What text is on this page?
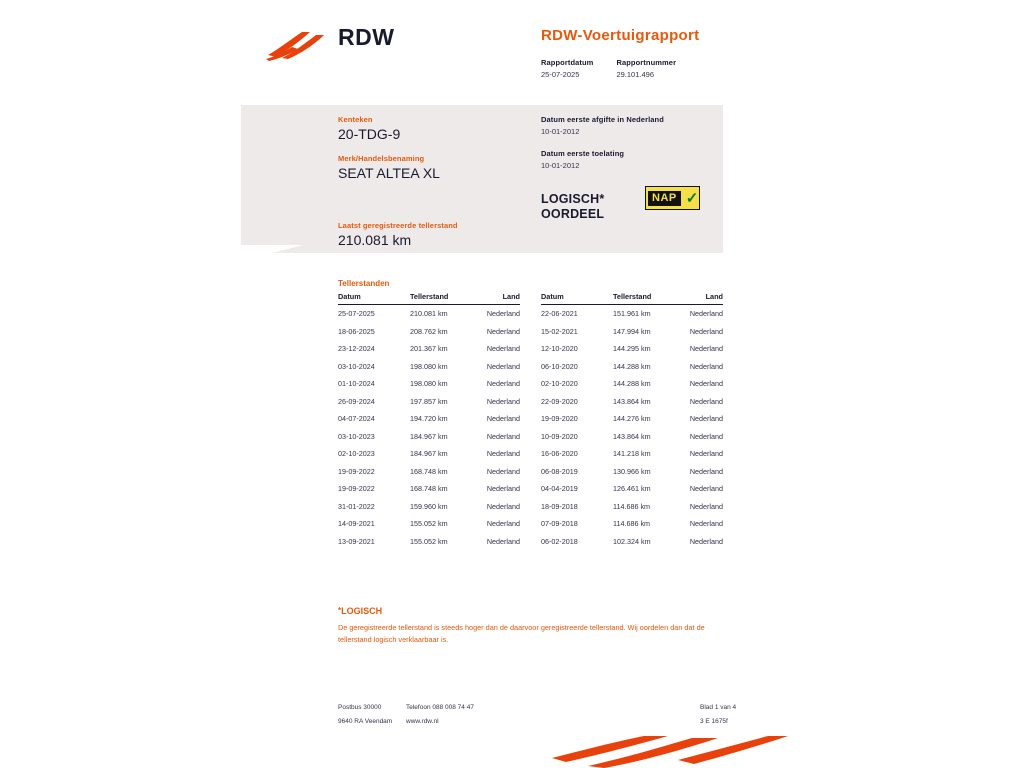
RDW	RDW-Voertuigrapport
Rapportdatum
25-07-2025
Rapportnummer
29.101.496
Kenteken
20-TDG-9
Merk/Handelsbenaming
SEAT ALTEA XL
Laatst geregistreerde tellerstand
210.081 km
Datum eerste afgifte in Nederland
10-01-2012
Datum eerste toelating
10-01-2012
LOGISCH*
OORDEEL
NAP ✓
Tellerstanden
Datum	Tellerstand	Land
25-07-2025	210.081 km	Nederland
18-06-2025	208.762 km	Nederland
23-12-2024	201.367 km	Nederland
03-10-2024	198.080 km	Nederland
01-10-2024	198.080 km	Nederland
26-09-2024	197.857 km	Nederland
04-07-2024	194.720 km	Nederland
03-10-2023	184.967 km	Nederland
02-10-2023	184.967 km	Nederland
19-09-2022	168.748 km	Nederland
19-09-2022	168.748 km	Nederland
31-01-2022	159.960 km	Nederland
14-09-2021	155.052 km	Nederland
13-09-2021	155.052 km	Nederland
Datum	Tellerstand	Land
22-06-2021	151.961 km	Nederland
15-02-2021	147.994 km	Nederland
12-10-2020	144.295 km	Nederland
06-10-2020	144.288 km	Nederland
02-10-2020	144.288 km	Nederland
22-09-2020	143.864 km	Nederland
19-09-2020	144.276 km	Nederland
10-09-2020	143.864 km	Nederland
16-06-2020	141.218 km	Nederland
06-08-2019	130.966 km	Nederland
04-04-2019	126.461 km	Nederland
18-09-2018	114.686 km	Nederland
07-09-2018	114.686 km	Nederland
06-02-2018	102.324 km	Nederland
*LOGISCH
De geregistreerde tellerstand is steeds hoger dan de daarvoor geregistreerde tellerstand. Wij oordelen dan dat de tellerstand logisch verklaarbaar is.
Postbus 30000
9640 RA Veendam
Telefoon 088 008 74 47
www.rdw.nl
Blad 1 van 4
3 E 1675f
